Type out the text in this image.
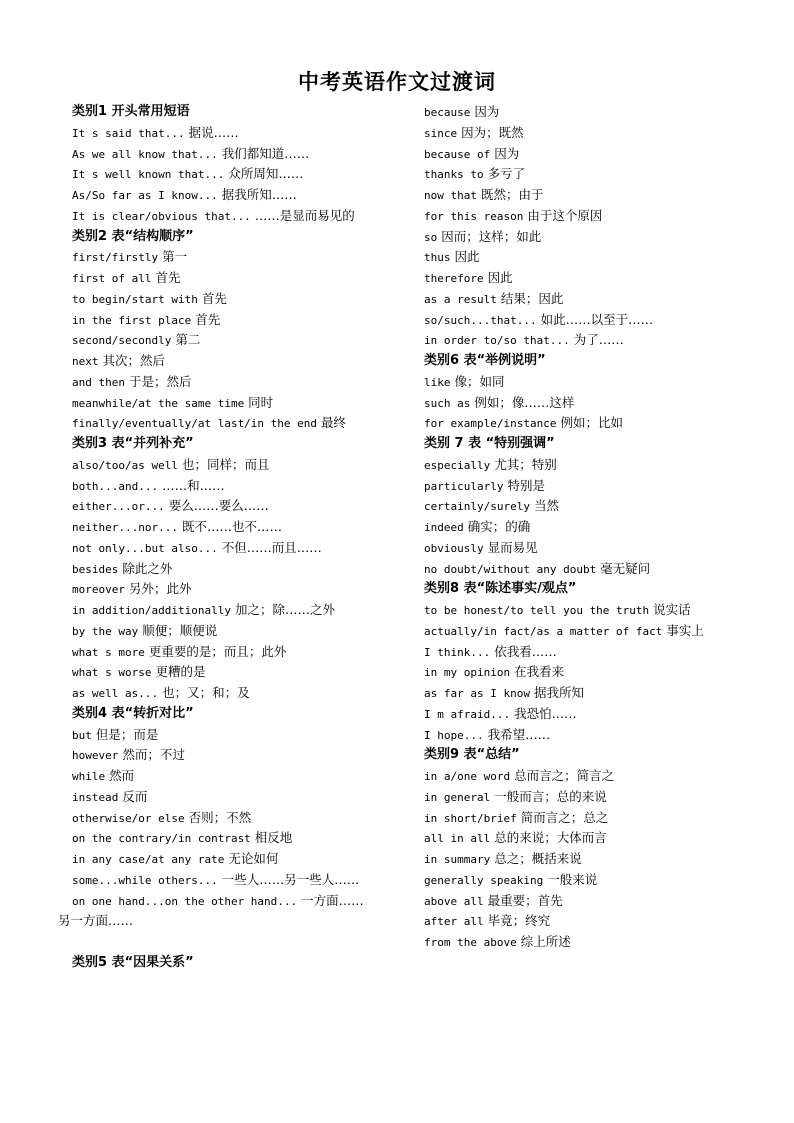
中考英语作文过渡词
类别1 开头常用短语
It s said that... 据说……
As we all know that... 我们都知道……
It s well known that... 众所周知……
As/So far as I know... 据我所知……
It is clear/obvious that... ……是显而易见的
类别2 表“结构顺序”
first/firstly 第一
first of all 首先
to begin/start with 首先
in the first place 首先
second/secondly 第二
next 其次；然后
and then 于是；然后
meanwhile/at the same time 同时
finally/eventually/at last/in the end 最终
类别3 表“并列补充”
also/too/as well 也；同样；而且
both...and... ……和……
either...or... 要么……要么……
neither...nor... 既不……也不……
not only...but also... 不但……而且……
besides 除此之外
moreover 另外；此外
in addition/additionally 加之；除……之外
by the way 顺便；顺便说
what s more 更重要的是；而且；此外
what s worse 更糟的是
as well as... 也；又；和；及
类别4 表“转折对比”
but 但是；而是
however 然而；不过
while 然而
instead 反而
otherwise/or else 否则；不然
on the contrary/in contrast 相反地
in any case/at any rate 无论如何
some...while others... 一些人……另一些人……
on one hand...on the other hand... 一方面……
另一方面……
类别5 表“因果关系”
because 因为
since 因为；既然
because of 因为
thanks to 多亏了
now that 既然；由于
for this reason 由于这个原因
so 因而；这样；如此
thus 因此
therefore 因此
as a result 结果；因此
so/such...that... 如此……以至于……
in order to/so that... 为了……
类别6 表“举例说明”
like 像；如同
such as 例如；像……这样
for example/instance 例如；比如
类别 7 表 “特别强调”
especially 尤其；特别
particularly 特别是
certainly/surely 当然
indeed 确实；的确
obviously 显而易见
no doubt/without any doubt 毫无疑问
类别8 表“陈述事实/观点”
to be honest/to tell you the truth 说实话
actually/in fact/as a matter of fact 事实上
I think... 依我看……
in my opinion 在我看来
as far as I know 据我所知
I m afraid... 我恐怕……
I hope... 我希望……
类别9 表“总结”
in a/one word 总而言之；简言之
in general 一般而言；总的来说
in short/brief 简而言之；总之
all in all 总的来说；大体而言
in summary 总之；概括来说
generally speaking 一般来说
above all 最重要；首先
after all 毕竟；终究
from the above 综上所述
